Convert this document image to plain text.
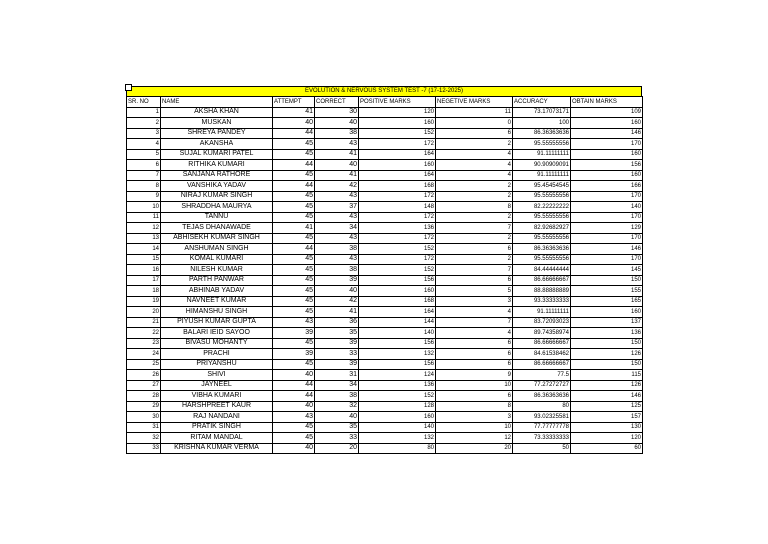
EVOLUTION & NERVOUS SYSTEM TEST -7 (17-12-2025)
SR. NO	NAME	ATTEMPT	CORRECT	POSITIVE MARKS	NEGETIVE MARKS	ACCURACY	OBTAIN MARKS
1	AKSHA KHAN	41	30	120	11	73.17073171	109
2	MUSKAN	40	40	160	0	100	160
3	SHREYA PANDEY	44	38	152	6	86.36363636	146
4	AKANSHA	45	43	172	2	95.55555556	170
5	SUJAL KUMARI PATEL	45	41	164	4	91.11111111	160
6	RITHIKA KUMARI	44	40	160	4	90.90909091	156
7	SANJANA RATHORE	45	41	164	4	91.11111111	160
8	VANSHIKA YADAV	44	42	168	2	95.45454545	166
9	NIRAJ KUMAR SINGH	45	43	172	2	95.55555556	170
10	SHRADDHA MAURYA	45	37	148	8	82.22222222	140
11	TANNU	45	43	172	2	95.55555556	170
12	TEJAS DHANAWADE	41	34	136	7	82.92682927	129
13	ABHISEKH KUMAR SINGH	45	43	172	2	95.55555556	170
14	ANSHUMAN SINGH	44	38	152	6	86.36363636	146
15	KOMAL KUMARI	45	43	172	2	95.55555556	170
16	NILESH KUMAR	45	38	152	7	84.44444444	145
17	PARTH PANWAR	45	39	156	6	86.66666667	150
18	ABHINAB YADAV	45	40	160	5	88.88888889	155
19	NAVNEET KUMAR	45	42	168	3	93.33333333	165
20	HIMANSHU SINGH	45	41	164	4	91.11111111	160
21	PIYUSH KUMAR GUPTA	43	36	144	7	83.72093023	137
22	BALARI IEID SAYOO	39	35	140	4	89.74358974	136
23	BIVASU MOHANTY	45	39	156	6	86.66666667	150
24	PRACHI	39	33	132	6	84.61538462	126
25	PRIYANSHU	45	39	156	6	86.66666667	150
26	SHIVI	40	31	124	9	77.5	115
27	JAYNEEL	44	34	136	10	77.27272727	126
28	VIBHA KUMARI	44	38	152	6	86.36363636	146
29	HARSHPREET KAUR	40	32	128	8	80	125
30	RAJ NANDANI	43	40	160	3	93.02325581	157
31	PRATIK SINGH	45	35	140	10	77.77777778	130
32	RITAM MANDAL	45	33	132	12	73.33333333	120
33	KRISHNA KUMAR VERMA	40	20	80	20	50	60
